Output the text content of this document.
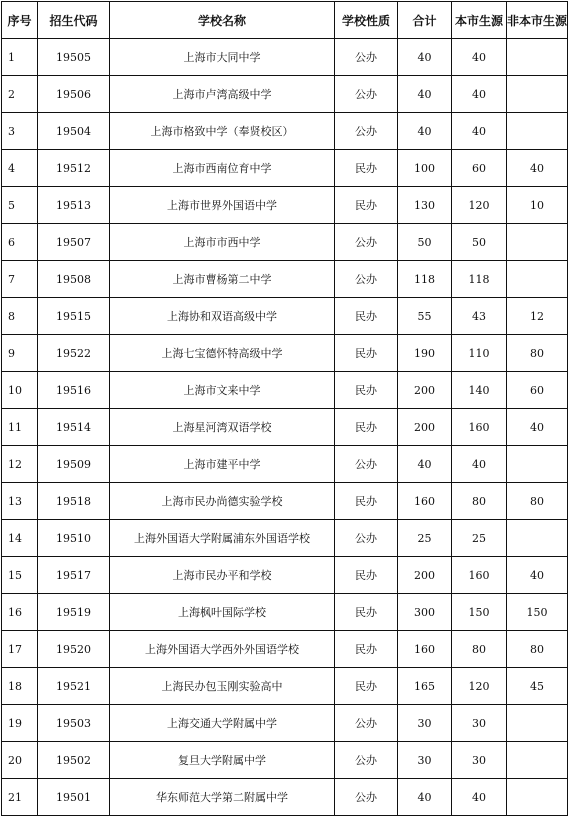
序号	招生代码	学校名称	学校性质	合计	本市生源	非本市生源
1	19505	上海市大同中学	公办	40	40	
2	19506	上海市卢湾高级中学	公办	40	40	
3	19504	上海市格致中学（奉贤校区）	公办	40	40	
4	19512	上海市西南位育中学	民办	100	60	40
5	19513	上海市世界外国语中学	民办	130	120	10
6	19507	上海市市西中学	公办	50	50	
7	19508	上海市曹杨第二中学	公办	118	118	
8	19515	上海协和双语高级中学	民办	55	43	12
9	19522	上海七宝德怀特高级中学	民办	190	110	80
10	19516	上海市文来中学	民办	200	140	60
11	19514	上海星河湾双语学校	民办	200	160	40
12	19509	上海市建平中学	公办	40	40	
13	19518	上海市民办尚德实验学校	民办	160	80	80
14	19510	上海外国语大学附属浦东外国语学校	公办	25	25	
15	19517	上海市民办平和学校	民办	200	160	40
16	19519	上海枫叶国际学校	民办	300	150	150
17	19520	上海外国语大学西外外国语学校	民办	160	80	80
18	19521	上海民办包玉刚实验高中	民办	165	120	45
19	19503	上海交通大学附属中学	公办	30	30	
20	19502	复旦大学附属中学	公办	30	30	
21	19501	华东师范大学第二附属中学	公办	40	40	
